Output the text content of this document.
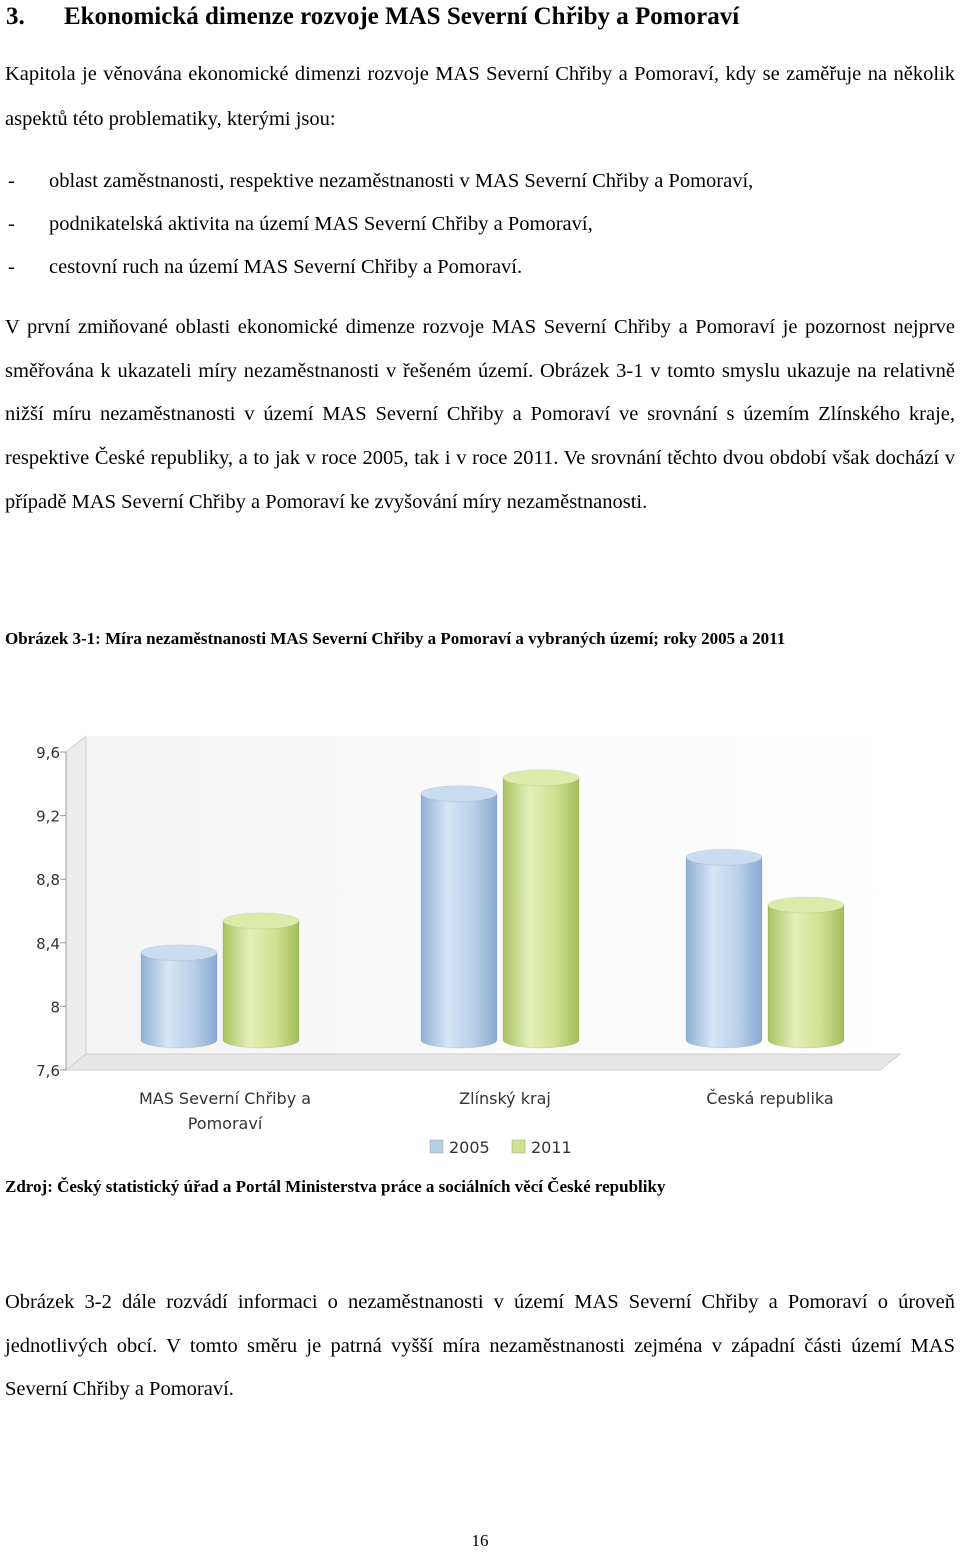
3. Ekonomická dimenze rozvoje MAS Severní Chřiby a Pomoraví

Kapitola je věnována ekonomické dimenzi rozvoje MAS Severní Chřiby a Pomoraví, kdy se zaměřuje na několik aspektů této problematiky, kterými jsou:

- oblast zaměstnanosti, respektive nezaměstnanosti v MAS Severní Chřiby a Pomoraví,
- podnikatelská aktivita na území MAS Severní Chřiby a Pomoraví,
- cestovní ruch na území MAS Severní Chřiby a Pomoraví.

V první zmiňované oblasti ekonomické dimenze rozvoje MAS Severní Chřiby a Pomoraví je pozornost nejprve směřována k ukazateli míry nezaměstnanosti v řešeném území. Obrázek 3-1 v tomto smyslu ukazuje na relativně nižší míru nezaměstnanosti v území MAS Severní Chřiby a Pomoraví ve srovnání s územím Zlínského kraje, respektive České republiky, a to jak v roce 2005, tak i v roce 2011. Ve srovnání těchto dvou období však dochází v případě MAS Severní Chřiby a Pomoraví ke zvyšování míry nezaměstnanosti.

Obrázek 3-1: Míra nezaměstnanosti MAS Severní Chřiby a Pomoraví a vybraných území; roky 2005 a 2011

9,6
9,2
8,8
8,4
8
7,6
MAS Severní Chřiby a Pomoraví
Zlínský kraj	Česká republika
2005	2011

Zdroj: Český statistický úřad a Portál Ministerstva práce a sociálních věcí České republiky

Obrázek 3-2 dále rozvádí informaci o nezaměstnanosti v území MAS Severní Chřiby a Pomoraví o úroveň jednotlivých obcí. V tomto směru je patrná vyšší míra nezaměstnanosti zejména v západní části území MAS Severní Chřiby a Pomoraví.

16
